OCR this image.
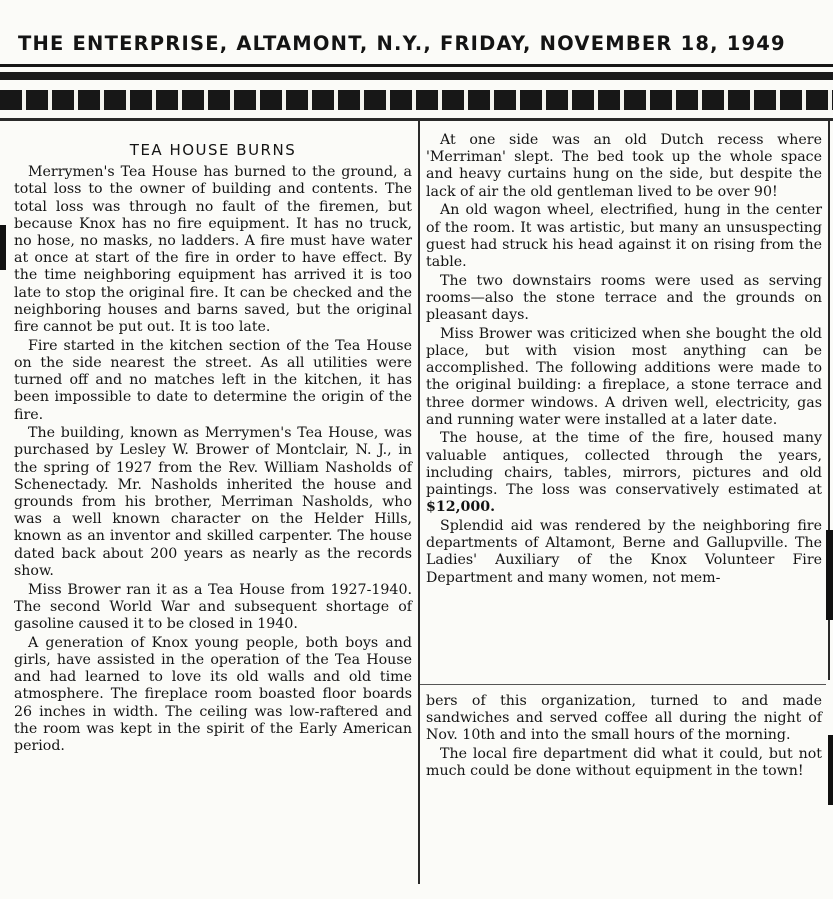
THE ENTERPRISE, ALTAMONT, N.Y., FRIDAY, NOVEMBER 18, 1949
TEA HOUSE BURNS

Merrymen's Tea House has burned to the ground, a total loss to the owner of building and contents. The total loss was through no fault of the firemen, but because Knox has no fire equipment. It has no truck, no hose, no masks, no ladders. A fire must have water at once at start of the fire in order to have effect. By the time neighboring equipment has arrived it is too late to stop the original fire. It can be checked and the neighboring houses and barns saved, but the original fire cannot be put out. It is too late.

Fire started in the kitchen section of the Tea House on the side nearest the street. As all utilities were turned off and no matches left in the kitchen, it has been impossible to date to determine the origin of the fire.

The building, known as Merrymen's Tea House, was purchased by Lesley W. Brower of Montclair, N. J., in the spring of 1927 from the Rev. William Nasholds of Schenectady. Mr. Nasholds inherited the house and grounds from his brother, Merriman Nasholds, who was a well known character on the Helder Hills, known as an inventor and skilled carpenter. The house dated back about 200 years as nearly as the records show.

Miss Brower ran it as a Tea House from 1927-1940. The second World War and subsequent shortage of gasoline caused it to be closed in 1940.

A generation of Knox young people, both boys and girls, have assisted in the operation of the Tea House and had learned to love its old walls and old time atmosphere. The fireplace room boasted floor boards 26 inches in width. The ceiling was low-raftered and the room was kept in the spirit of the Early American period.

At one side was an old Dutch recess where 'Merriman' slept. The bed took up the whole space and heavy curtains hung on the side, but despite the lack of air the old gentleman lived to be over 90!

An old wagon wheel, electrified, hung in the center of the room. It was artistic, but many an unsuspecting guest had struck his head against it on rising from the table.

The two downstairs rooms were used as serving rooms—also the stone terrace and the grounds on pleasant days.

Miss Brower was criticized when she bought the old place, but with vision most anything can be accomplished. The following additions were made to the original building: a fireplace, a stone terrace and three dormer windows. A driven well, electricity, gas and running water were installed at a later date.

The house, at the time of the fire, housed many valuable antiques, collected through the years, including chairs, tables, mirrors, pictures and old paintings. The loss was conservatively estimated at $12,000.

Splendid aid was rendered by the neighboring fire departments of Altamont, Berne and Gallupville. The Ladies' Auxiliary of the Knox Volunteer Fire Department and many women, not mem-

bers of this organization, turned to and made sandwiches and served coffee all during the night of Nov. 10th and into the small hours of the morning.

The local fire department did what it could, but not much could be done without equipment in the town!
